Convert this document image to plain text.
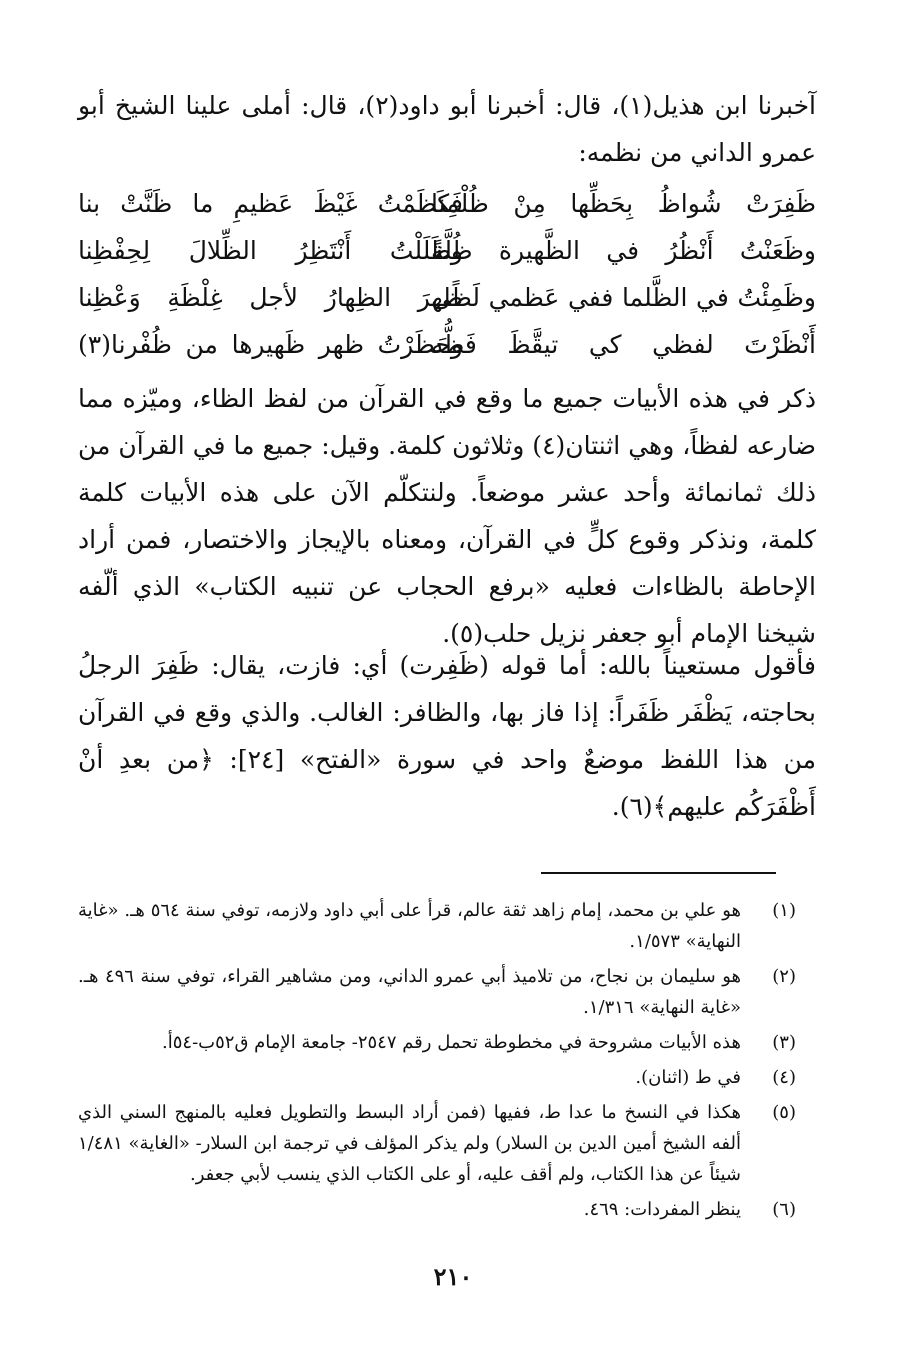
آخبرنا ابن هذيل(١)، قال: أخبرنا أبو داود(٢)، قال: أملى علينا الشيخ أبو عمرو الداني من نظمه:

ظَفِرَتْ شُواظُ بِحَظِّها مِنْ ظُلْمِنا
فَكَظَمْتُ غَيْظَ عَظيمِ ما ظَنَّتْ بنا
وظَعَنْتُ أَنْظُرُ في الظَّهيرة ظُلَّةً
وظَلَلْتُ أَنْتَظِرُ الظِّلالَ لِحِفْظِنا
وظَمِئْتُ في الظَّلما ففي عَظمي لَظًى
ظهرَ الظِهارُ لأجل غِلْظَةِ وَعْظِنا
أَنْظَرْتَ لفظي كي تيقَّظَ فَظُّه
وحَظَرْتُ ظهر ظَهيرها من ظُفْرنا(٣)

ذكر في هذه الأبيات جميع ما وقع في القرآن من لفظ الظاء، وميّزه مما ضارعه لفظاً، وهي اثنتان(٤) وثلاثون كلمة. وقيل: جميع ما في القرآن من ذلك ثمانمائة وأحد عشر موضعاً. ولنتكلّم الآن على هذه الأبيات كلمة كلمة، ونذكر وقوع كلٍّ في القرآن، ومعناه بالإيجاز والاختصار، فمن أراد الإحاطة بالظاءات فعليه «برفع الحجاب عن تنبيه الكتاب» الذي ألّفه شيخنا الإمام أبو جعفر نزيل حلب(٥).

فأقول مستعيناً بالله: أما قوله (ظَفِرت) أي: فازت، يقال: ظَفِرَ الرجلُ بحاجته، يَظْفَر ظَفَراً: إذا فاز بها، والظافر: الغالب. والذي وقع في القرآن من هذا اللفظ موضعٌ واحد في سورة «الفتح» [٢٤]: ﴿من بعدِ أنْ أَظْفَرَكُم عليهم﴾(٦).

(١)
هو علي بن محمد، إمام زاهد ثقة عالم، قرأ على أبي داود ولازمه، توفي سنة ٥٦٤ هـ. «غاية النهاية» ١/٥٧٣.
(٢)
هو سليمان بن نجاح، من تلاميذ أبي عمرو الداني، ومن مشاهير القراء، توفي سنة ٤٩٦ هـ. «غاية النهاية» ١/٣١٦.
(٣)
هذه الأبيات مشروحة في مخطوطة تحمل رقم ٢٥٤٧- جامعة الإمام ق٥٢ب-٥٤أ.
(٤)
في ط (اثنان).
(٥)
هكذا في النسخ ما عدا ط، ففيها (فمن أراد البسط والتطويل فعليه بالمنهج السني الذي ألفه الشيخ أمين الدين بن السلار) ولم يذكر المؤلف في ترجمة ابن السلار- «الغاية» ١/٤٨١ شيئاً عن هذا الكتاب، ولم أقف عليه، أو على الكتاب الذي ينسب لأبي جعفر.
(٦)
ينظر المفردات: ٤٦٩.
٢١٠
